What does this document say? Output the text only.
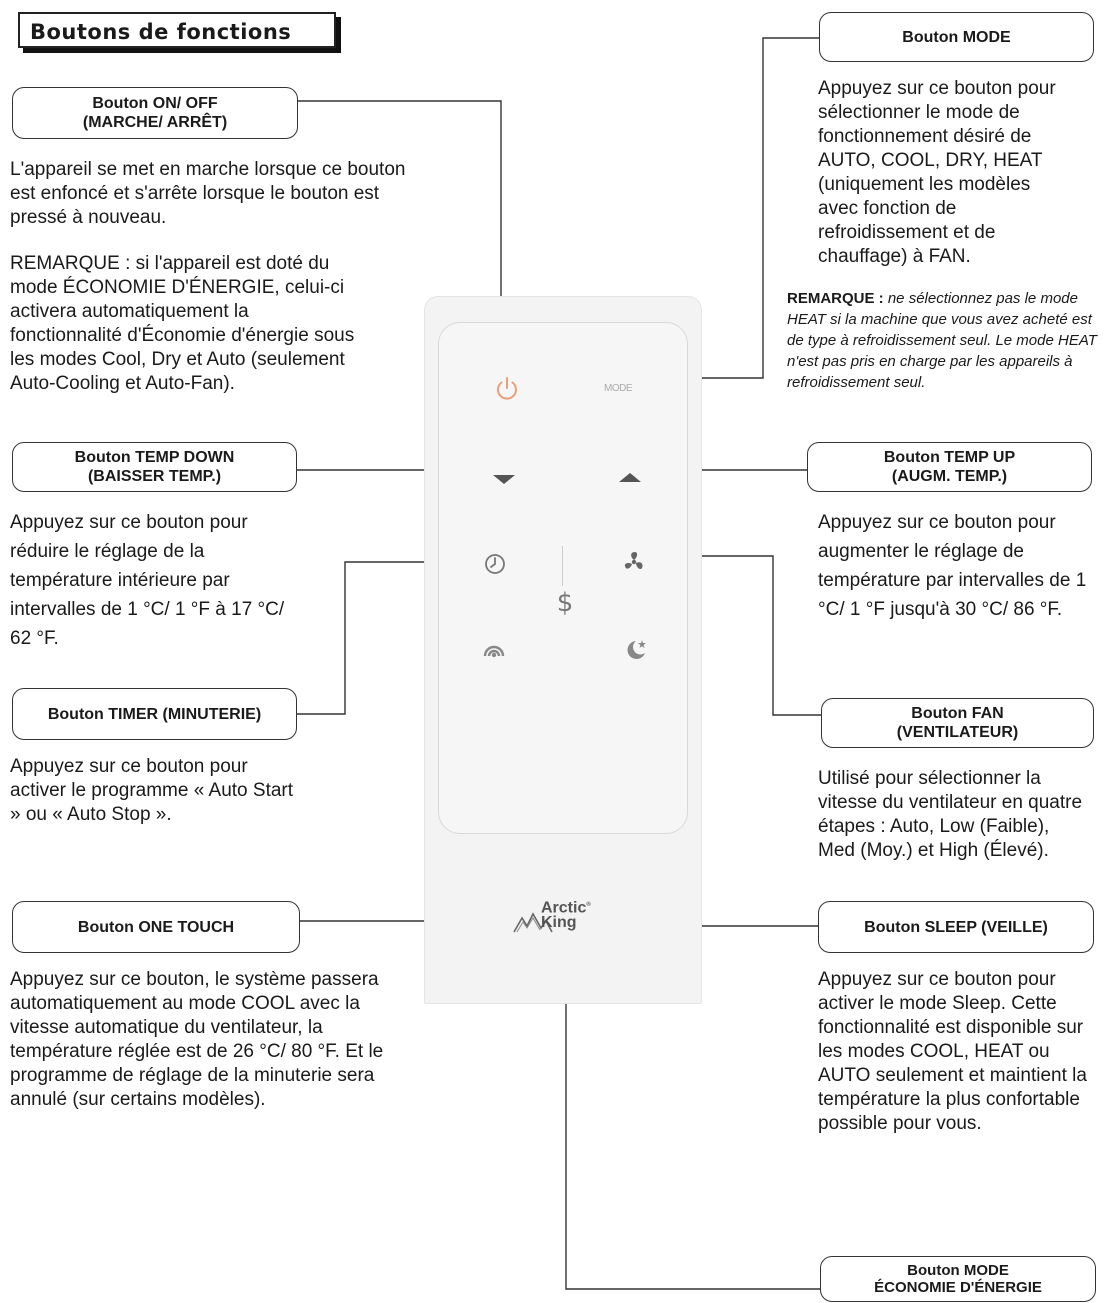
Boutons de fonctions
MODE
$
Arctic®
King
Bouton ON/ OFF
(MARCHE/ ARRÊT)

L'appareil se met en marche lorsque ce bouton est enfoncé et s'arrête lorsque le bouton est pressé à nouveau.

REMARQUE : si l'appareil est doté du mode ÉCONOMIE D'ÉNERGIE, celui-ci activera automatiquement la fonctionnalité d'Économie d'énergie sous les modes Cool, Dry et Auto (seulement Auto-Cooling et Auto-Fan).

Bouton MODE

Appuyez sur ce bouton pour sélectionner le mode de fonctionnement désiré de AUTO, COOL, DRY, HEAT (uniquement les modèles avec fonction de refroidissement et de chauffage) à FAN.

REMARQUE : ne sélectionnez pas le mode HEAT si la machine que vous avez acheté est de type à refroidissement seul. Le mode HEAT n'est pas pris en charge par les appareils à refroidissement seul.
Bouton TEMP DOWN
(BAISSER TEMP.)

Appuyez sur ce bouton pour réduire le réglage de la température intérieure par intervalles de 1 °C/ 1 °F à 17 °C/ 62 °F.

Bouton TEMP UP
(AUGM. TEMP.)

Appuyez sur ce bouton pour augmenter le réglage de température par intervalles de 1 °C/ 1 °F jusqu'à 30 °C/ 86 °F.

Bouton TIMER (MINUTERIE)

Appuyez sur ce bouton pour activer le programme « Auto Start » ou « Auto Stop ».

Bouton FAN
(VENTILATEUR)

Utilisé pour sélectionner la vitesse du ventilateur en quatre étapes : Auto, Low (Faible), Med (Moy.) et High (Élevé).

Bouton ONE TOUCH

Appuyez sur ce bouton, le système passera automatiquement au mode COOL avec la vitesse automatique du ventilateur, la température réglée est de 26 °C/ 80 °F. Et le programme de réglage de la minuterie sera annulé (sur certains modèles).

Bouton SLEEP (VEILLE)

Appuyez sur ce bouton pour activer le mode Sleep. Cette fonctionnalité est disponible sur les modes COOL, HEAT ou AUTO seulement et maintient la température la plus confortable possible pour vous.

Bouton MODE
ÉCONOMIE D'ÉNERGIE
